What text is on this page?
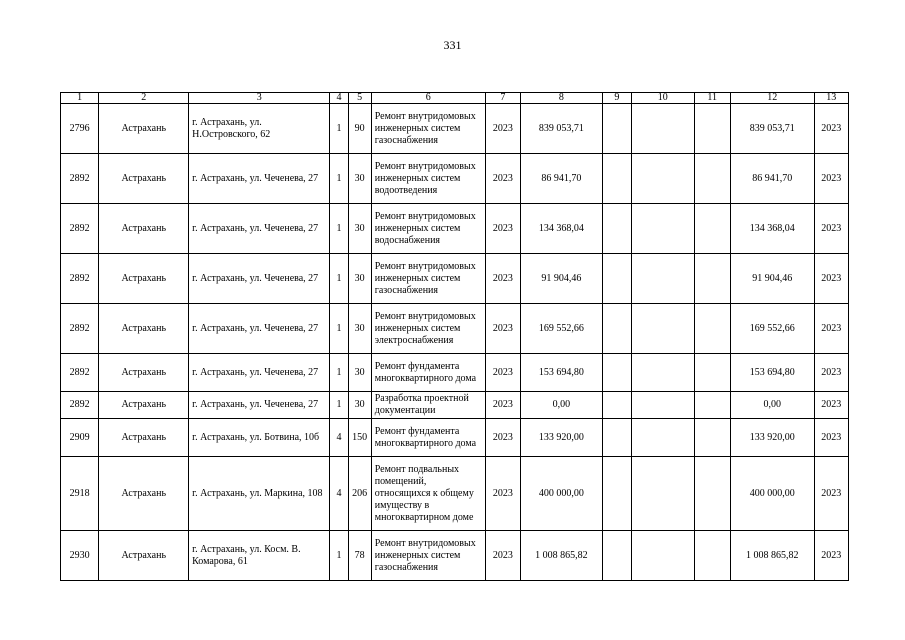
331
1	2	3	4	5	6	7	8	9	10	11	12	13
2796	Астрахань	г. Астрахань, ул. Н.Островского, 62	1	90	Ремонт внутридомовых инженерных систем газоснабжения	2023	839 053,71				839 053,71	2023
2892	Астрахань	г. Астрахань, ул. Чеченева, 27	1	30	Ремонт внутридомовых инженерных систем водоотведения	2023	86 941,70				86 941,70	2023
2892	Астрахань	г. Астрахань, ул. Чеченева, 27	1	30	Ремонт внутридомовых инженерных систем водоснабжения	2023	134 368,04				134 368,04	2023
2892	Астрахань	г. Астрахань, ул. Чеченева, 27	1	30	Ремонт внутридомовых инженерных систем газоснабжения	2023	91 904,46				91 904,46	2023
2892	Астрахань	г. Астрахань, ул. Чеченева, 27	1	30	Ремонт внутридомовых инженерных систем электроснабжения	2023	169 552,66				169 552,66	2023
2892	Астрахань	г. Астрахань, ул. Чеченева, 27	1	30	Ремонт фундамента многоквартирного дома	2023	153 694,80				153 694,80	2023
2892	Астрахань	г. Астрахань, ул. Чеченева, 27	1	30	Разработка проектной документации	2023	0,00				0,00	2023
2909	Астрахань	г. Астрахань, ул. Ботвина, 10б	4	150	Ремонт фундамента многоквартирного дома	2023	133 920,00				133 920,00	2023
2918	Астрахань	г. Астрахань, ул. Маркина, 108	4	206	Ремонт подвальных помещений, относящихся к общему имуществу в многоквартирном доме	2023	400 000,00				400 000,00	2023
2930	Астрахань	г. Астрахань, ул. Косм. В. Комарова, 61	1	78	Ремонт внутридомовых инженерных систем газоснабжения	2023	1 008 865,82				1 008 865,82	2023
